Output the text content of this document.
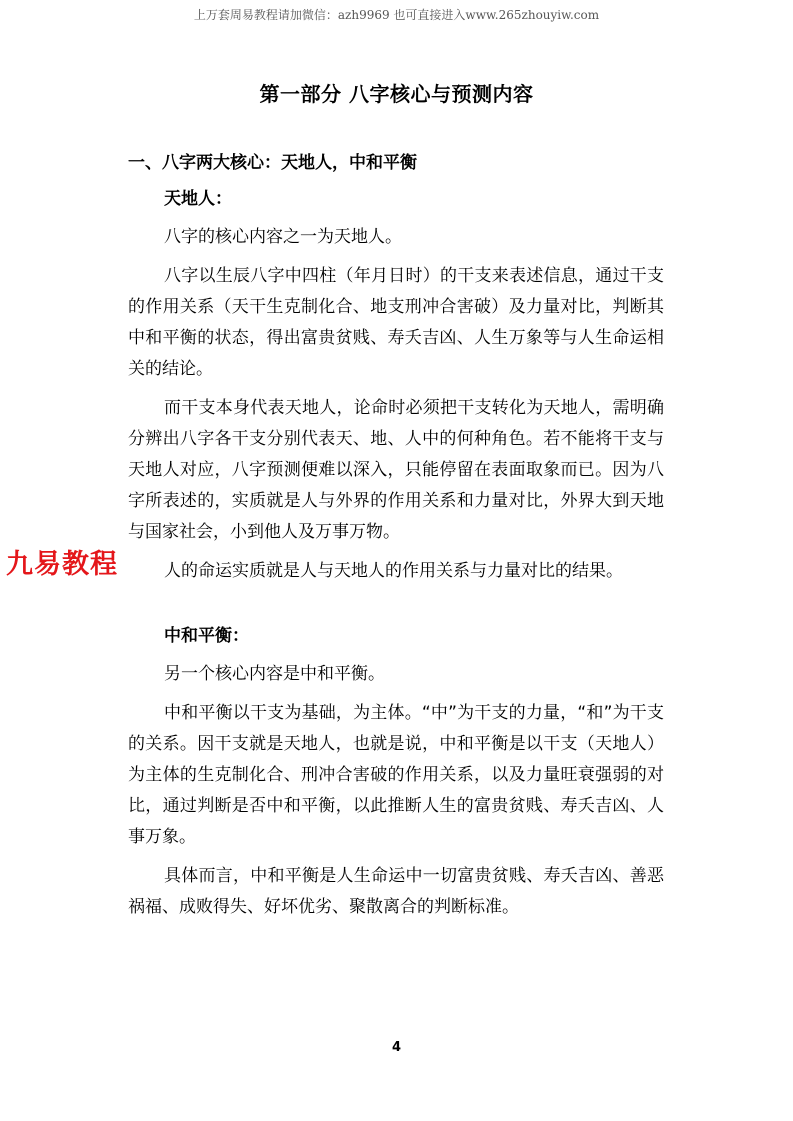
上万套周易教程请加微信：azh9969 也可直接进入www.265zhouyiw.com
第一部分 八字核心与预测内容
一、八字两大核心：天地人，中和平衡
天地人：

八字的核心内容之一为天地人。

八字以生辰八字中四柱（年月日时）的干支来表述信息，通过干支的作用关系（天干生克制化合、地支刑冲合害破）及力量对比，判断其中和平衡的状态，得出富贵贫贱、寿夭吉凶、人生万象等与人生命运相关的结论。

而干支本身代表天地人，论命时必须把干支转化为天地人，需明确分辨出八字各干支分别代表天、地、人中的何种角色。若不能将干支与天地人对应，八字预测便难以深入，只能停留在表面取象而已。因为八字所表述的，实质就是人与外界的作用关系和力量对比，外界大到天地与国家社会，小到他人及万事万物。

人的命运实质就是人与天地人的作用关系与力量对比的结果。

中和平衡：

另一个核心内容是中和平衡。

中和平衡以干支为基础，为主体。“中”为干支的力量，“和”为干支的关系。因干支就是天地人，也就是说，中和平衡是以干支（天地人）为主体的生克制化合、刑冲合害破的作用关系，以及力量旺衰强弱的对比，通过判断是否中和平衡，以此推断人生的富贵贫贱、寿夭吉凶、人事万象。

具体而言，中和平衡是人生命运中一切富贵贫贱、寿夭吉凶、善恶祸福、成败得失、好坏优劣、聚散离合的判断标准。

九易教程
4
